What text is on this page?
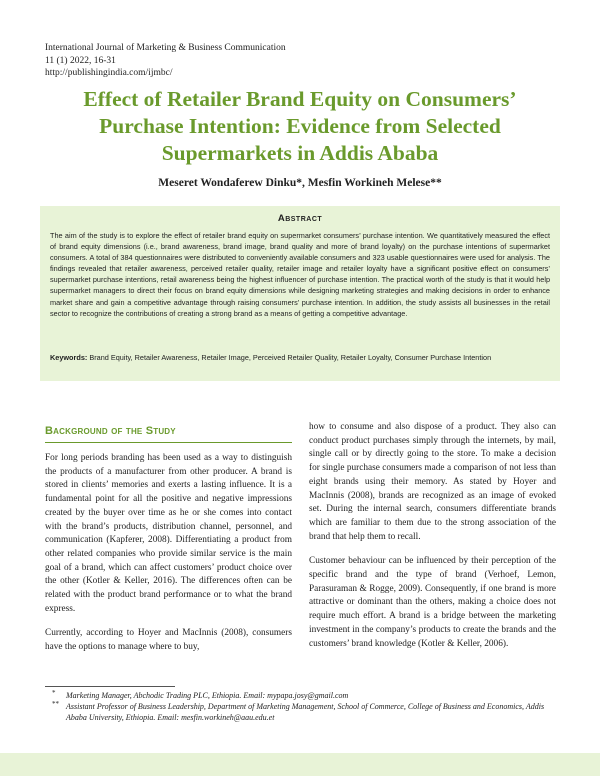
International Journal of Marketing & Business Communication
11 (1) 2022, 16-31
http://publishingindia.com/ijmbc/
Effect of Retailer Brand Equity on Consumers’ Purchase Intention: Evidence from Selected Supermarkets in Addis Ababa
Meseret Wondaferew Dinku*, Mesfin Workineh Melese**
Abstract
The aim of the study is to explore the effect of retailer brand equity on supermarket consumers’ purchase intention. We quantitatively measured the effect of brand equity dimensions (i.e., brand awareness, brand image, brand quality and more of brand loyalty) on the purchase intentions of supermarket consumers. A total of 384 questionnaires were distributed to conveniently available consumers and 323 usable questionnaires were used for analysis. The findings revealed that retailer awareness, perceived retailer quality, retailer image and retailer loyalty have a significant positive effect on consumers’ supermarket purchase intentions, retail awareness being the highest influencer of purchase intention. The practical worth of the study is that it would help supermarket managers to direct their focus on brand equity dimensions while designing marketing strategies and making decisions in order to enhance market share and gain a competitive advantage through raising consumers’ purchase intention. In addition, the study assists all businesses in the retail sector to recognize the contributions of creating a strong brand as a means of getting a competitive advantage.
Keywords: Brand Equity, Retailer Awareness, Retailer Image, Perceived Retailer Quality, Retailer Loyalty, Consumer Purchase Intention
Background of the Study

For long periods branding has been used as a way to distinguish the products of a manufacturer from other producer. A brand is stored in clients’ memories and exerts a lasting influence. It is a fundamental point for all the positive and negative impressions created by the buyer over time as he or she comes into contact with the brand’s products, distribution channel, personnel, and communication (Kapferer, 2008). Differentiating a product from other related companies who provide similar service is the main goal of a brand, which can affect customers’ product choice over the other (Kotler & Keller, 2016). The differences often can be related with the product brand performance or to what the brand express.

Currently, according to Hoyer and MacInnis (2008), consumers have the options to manage where to buy,

how to consume and also dispose of a product. They also can conduct product purchases simply through the internets, by mail, single call or by directly going to the store. To make a decision for single purchase consumers made a comparison of not less than eight brands using their memory. As stated by Hoyer and MacInnis (2008), brands are recognized as an image of evoked set. During the internal search, consumers differentiate brands which are familiar to them due to the strong association of the brand that help them to recall.

Customer behaviour can be influenced by their perception of the specific brand and the type of brand (Verhoef, Lemon, Parasuraman & Rogge, 2009). Consequently, if one brand is more attractive or dominant than the others, making a choice does not require much effort. A brand is a bridge between the marketing investment in the company’s products to create the brands and the customers’ brand knowledge (Kotler & Keller, 2006).

* Marketing Manager, Abchodic Trading PLC, Ethiopia. Email: mypapa.josy@gmail.com
** Assistant Professor of Business Leadership, Department of Marketing Management, School of Commerce, College of Business and Economics, Addis Ababa University, Ethiopia. Email: mesfin.workineh@aau.edu.et
